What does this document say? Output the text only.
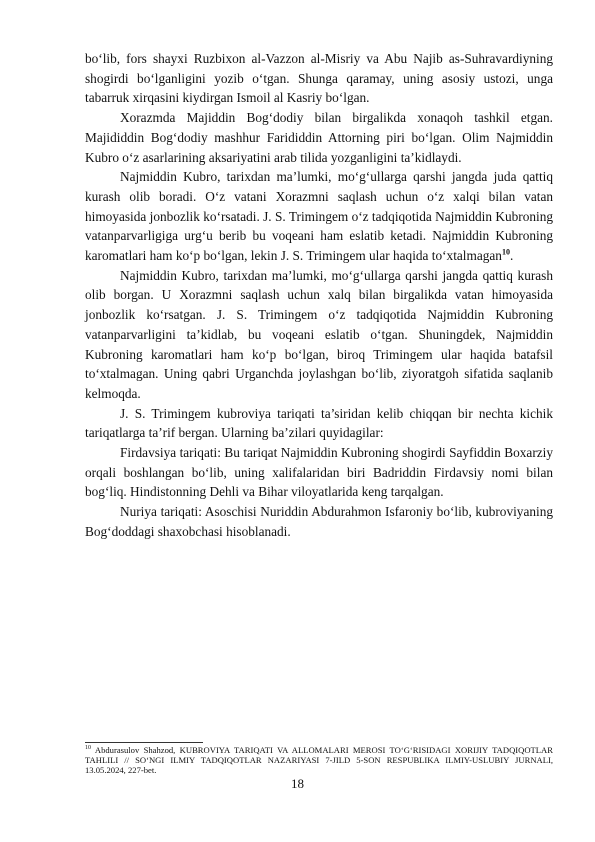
bo‘lib, fors shayxi Ruzbixon al-Vazzon al-Misriy va Abu Najib as-Suhravardiyning shogirdi bo‘lganligini yozib o‘tgan. Shunga qaramay, uning asosiy ustozi, unga tabarruk xirqasini kiydirgan Ismoil al Kasriy bo‘lgan.

Xorazmda Majiddin Bog‘dodiy bilan birgalikda xonaqoh tashkil etgan. Majididdin Bog‘dodiy mashhur Farididdin Attorning piri bo‘lgan. Olim Najmiddin Kubro o‘z asarlarining aksariyatini arab tilida yozganligini ta’kidlaydi.

Najmiddin Kubro, tarixdan ma’lumki, mo‘g‘ullarga qarshi jangda juda qattiq kurash olib boradi. O‘z vatani Xorazmni saqlash uchun o‘z xalqi bilan vatan himoyasida jonbozlik ko‘rsatadi. J. S. Trimingem o‘z tadqiqotida Najmiddin Kubroning vatanparvarligiga urg‘u berib bu voqeani ham eslatib ketadi. Najmiddin Kubroning karomatlari ham ko‘p bo‘lgan, lekin J. S. Trimingem ular haqida to‘xtalmagan$^{10}$.

Najmiddin Kubro, tarixdan ma’lumki, mo‘g‘ullarga qarshi jangda qattiq kurash olib borgan. U Xorazmni saqlash uchun xalq bilan birgalikda vatan himoyasida jonbozlik ko‘rsatgan. J. S. Trimingem o‘z tadqiqotida Najmiddin Kubroning vatanparvarligini ta’kidlab, bu voqeani eslatib o‘tgan. Shuningdek, Najmiddin Kubroning karomatlari ham ko‘p bo‘lgan, biroq Trimingem ular haqida batafsil to‘xtalmagan. Uning qabri Urganchda joylashgan bo‘lib, ziyoratgoh sifatida saqlanib kelmoqda.

J. S. Trimingem kubroviya tariqati ta’siridan kelib chiqqan bir nechta kichik tariqatlarga ta’rif bergan. Ularning ba’zilari quyidagilar:

Firdavsiya tariqati: Bu tariqat Najmiddin Kubroning shogirdi Sayfiddin Boxarziy orqali boshlangan bo‘lib, uning xalifalaridan biri Badriddin Firdavsiy nomi bilan bog‘liq. Hindistonning Dehli va Bihar viloyatlarida keng tarqalgan.

Nuriya tariqati: Asoschisi Nuriddin Abdurahmon Isfaroniy bo‘lib, kubroviyaning Bog‘doddagi shaxobchasi hisoblanadi.

$^{10}$ Abdurasulov Shahzod, KUBROVIYA TARIQATI VA ALLOMALARI MEROSI TO‘G‘RISIDAGI XORIJIY TADQIQOTLAR TAHLILI // SO‘NGI ILMIY TADQIQOTLAR NAZARIYASI 7-JILD 5-SON RESPUBLIKA ILMIY-USLUBIY JURNALI, 13.05.2024, 227-bet.
18
